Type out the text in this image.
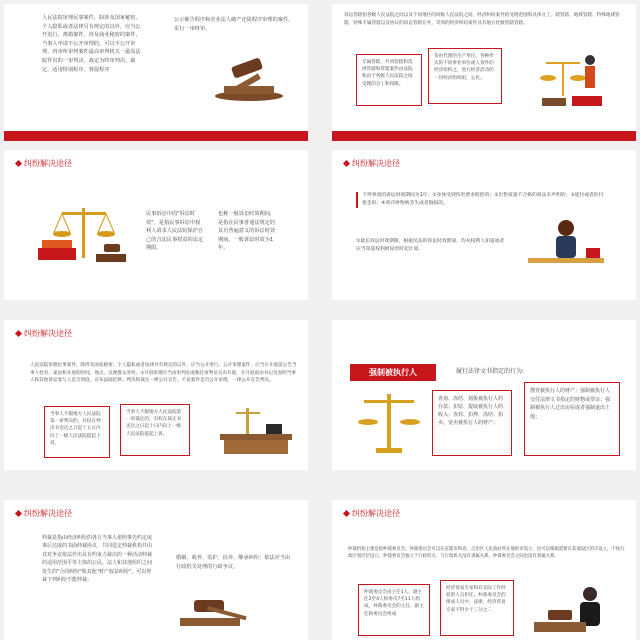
人民法院审理民事案件，除涉及国家秘密、个人隐私或者法律另有规定的以外，应当公开进行。离婚案件、涉及商业秘密的案件，当事人申请不公开审理的，可以不公开审理。再审所审判案件最高审判机关一最高法院作出的一审判决、裁定为终审判决、裁定。适用特别程序、督促程序
公示催告程序和企业法人破产还债程序审理的案件，实行一审终审。
诉讼管辖指各级人民法院之间以及不同地区的同级人民法院之间，经济纠纷案件的受理范围和具体分工。辖管辖、地域管辖、特殊地域管辖、特殊专属管辖以及协议的诉讼管辖在外，等到的经济纠纷案件具有地方化级管辖管辖。
专属管辖，共同管辖和选择管辖和管辖案件由法院和由于各级人民法院之间受理的分工和权限。
负由代理的生产单位。各种形式的不同事业单位或人条件的经济组织之，进行经济活动的一切经济组织组，公民。
纠纷解决途径
民事诉讼中的"诉讼时效"，是指民事诉讼中权利人请求人民法院保护自己的合法民事权益的法定期限。
也称一般诉讼时效期间，是指在民事普通法规定的具有普遍意义的诉讼时效期间。一般诉讼时效为1年。
纠纷解决途径
下列事项的诉讼时效期间为1年：①身体受到伤害要求赔偿的；②出售质量不合格的商品未声明的；③延付或者拒付租金的；④寄存财物被丢失或者毁损的。
①最长诉讼时效期限，根据民法的诉讼时效期间，均从权利人知道或者应当知道权利被侵害时起计算。
纠纷解决途径
人民法院审理民事案件，除涉及国家秘密、个人隐私或者法律另有规定的以外，应当公开进行。公开审理案件，应当在开庭前公告当事人姓名、案由和开庭的时间、地点、以便群众旁听。①开庭审理应当由审判长或独任审判员宣布开庭，在开庭前由书记员查明当事人和其他诉讼参与人是否到庭，宣布法庭纪律。判决和裁定一律公开宣告。不论案件是否公开审理，一律公开宣告判决。
当事人不服地方人民法院第一审判决的，有权在判决书送达之日起十五日内向上一级人民法院提起上诉。
当事人不服地方人民法院第一审裁定的，有权在裁定书送达之日起十日内向上一级人民法院提起上诉。
强制被执行人	履行法律文书指定的行为:
查询、冻结、划拨被执行人的存款；扣留、提取被执行人的收入；查封、扣押、冻结、拍卖、变卖被执行人的财产；
搜查被执行人的财产；强制被执行人交付法律文书指定的财物或票证；强制被执行人迁出房屋或者强制退出土地；
纠纷解决途径
仲裁是指由经济纠纷的各方当事人依照事先约定或事后达成的书面仲裁协议，共同选定仲裁机构并由其对争议依法作出具有约束力裁决的一种活动仲裁的适用范围平等主体的公民、法人和其他组织之间发生的"合同纠纷"和其他"财产权益纠纷"，可以仲裁下列纠纷不能仲裁：
婚姻、收养、监护、扶养、继承纠纷；依法应当由行政机关处理的行政争议。
纠纷解决途径
仲裁机构主要是指仲裁委员会。仲裁委员会可以在直辖市和省、自治区人民政府所在地的市设立，也可以根据需要在其他设区的市设立，不按行政区划层层设立。仲裁委员会独立于行政机关，与行政机关没有隶属关系。仲裁委员会之间也没有隶属关系。
仲裁委员会由主任1人、副主任2至4人和委员7至11人组成。仲裁委员会的主任、副主任和委员会组成
经济贸易专家和有实际工作经验的人员担任。仲裁委员会的组成人员中，法律、经济贸易专家不得少于三分之二
